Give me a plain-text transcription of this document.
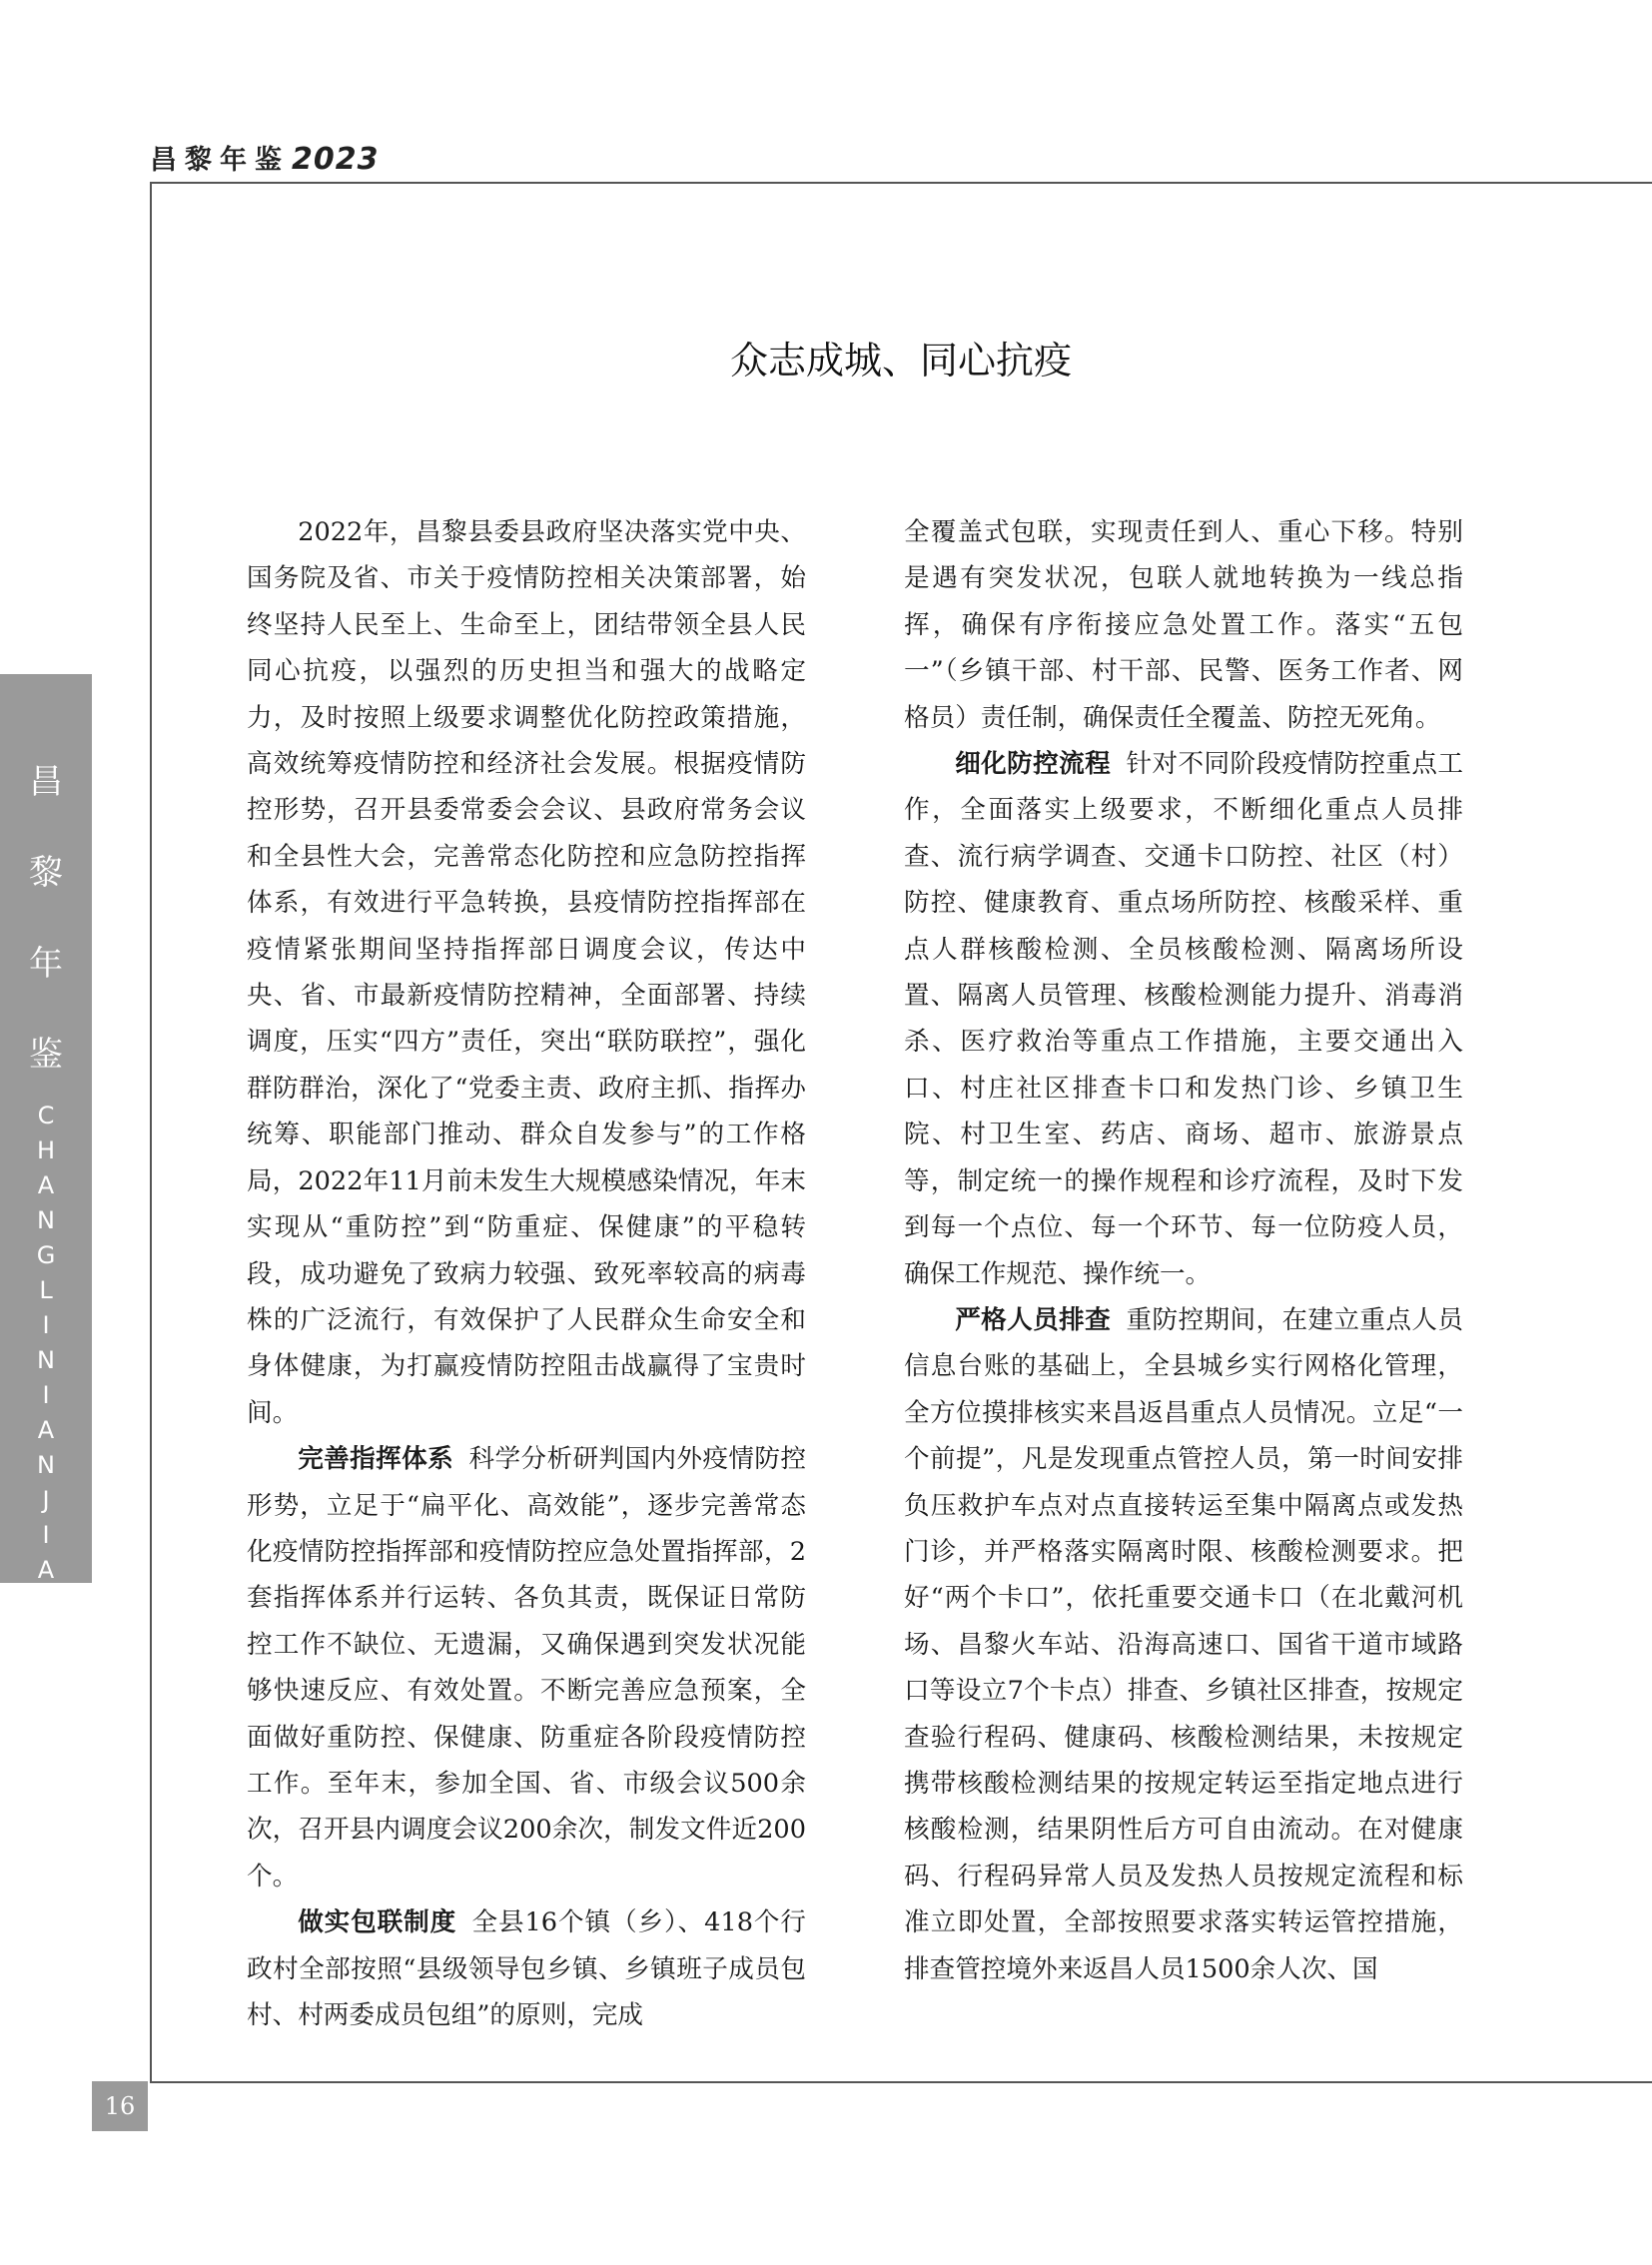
昌黎年鉴2023
昌
黎
年
鉴
C
H
A
N
G
L
I
N
I
A
N
J
I
A
N
16
众志成城、同心抗疫

2022年，昌黎县委县政府坚决落实党中央、国务院及省、市关于疫情防控相关决策部署，始终坚持人民至上、生命至上，团结带领全县人民同心抗疫，以强烈的历史担当和强大的战略定力，及时按照上级要求调整优化防控政策措施，高效统筹疫情防控和经济社会发展。根据疫情防控形势，召开县委常委会会议、县政府常务会议和全县性大会，完善常态化防控和应急防控指挥体系，有效进行平急转换，县疫情防控指挥部在疫情紧张期间坚持指挥部日调度会议，传达中央、省、市最新疫情防控精神，全面部署、持续调度，压实“四方”责任，突出“联防联控”，强化群防群治，深化了“党委主责、政府主抓、指挥办统筹、职能部门推动、群众自发参与”的工作格局，2022年11月前未发生大规模感染情况，年末实现从“重防控”到“防重症、保健康”的平稳转段，成功避免了致病力较强、致死率较高的病毒株的广泛流行，有效保护了人民群众生命安全和身体健康，为打赢疫情防控阻击战赢得了宝贵时间。

完善指挥体系 科学分析研判国内外疫情防控形势，立足于“扁平化、高效能”，逐步完善常态化疫情防控指挥部和疫情防控应急处置指挥部，2套指挥体系并行运转、各负其责，既保证日常防控工作不缺位、无遗漏，又确保遇到突发状况能够快速反应、有效处置。不断完善应急预案，全面做好重防控、保健康、防重症各阶段疫情防控工作。至年末，参加全国、省、市级会议500余次，召开县内调度会议200余次，制发文件近200个。

做实包联制度 全县16个镇（乡）、418个行政村全部按照“县级领导包乡镇、乡镇班子成员包村、村两委成员包组”的原则，完成

全覆盖式包联，实现责任到人、重心下移。特别是遇有突发状况，包联人就地转换为一线总指挥，确保有序衔接应急处置工作。落实“五包一”（乡镇干部、村干部、民警、医务工作者、网格员）责任制，确保责任全覆盖、防控无死角。

细化防控流程 针对不同阶段疫情防控重点工作，全面落实上级要求，不断细化重点人员排查、流行病学调查、交通卡口防控、社区（村）防控、健康教育、重点场所防控、核酸采样、重点人群核酸检测、全员核酸检测、隔离场所设置、隔离人员管理、核酸检测能力提升、消毒消杀、医疗救治等重点工作措施，主要交通出入口、村庄社区排查卡口和发热门诊、乡镇卫生院、村卫生室、药店、商场、超市、旅游景点等，制定统一的操作规程和诊疗流程，及时下发到每一个点位、每一个环节、每一位防疫人员，确保工作规范、操作统一。

严格人员排查 重防控期间，在建立重点人员信息台账的基础上，全县城乡实行网格化管理，全方位摸排核实来昌返昌重点人员情况。立足“一个前提”，凡是发现重点管控人员，第一时间安排负压救护车点对点直接转运至集中隔离点或发热门诊，并严格落实隔离时限、核酸检测要求。把好“两个卡口”，依托重要交通卡口（在北戴河机场、昌黎火车站、沿海高速口、国省干道市域路口等设立7个卡点）排查、乡镇社区排查，按规定查验行程码、健康码、核酸检测结果，未按规定携带核酸检测结果的按规定转运至指定地点进行核酸检测，结果阴性后方可自由流动。在对健康码、行程码异常人员及发热人员按规定流程和标准立即处置，全部按照要求落实转运管控措施，排查管控境外来返昌人员1500余人次、国
